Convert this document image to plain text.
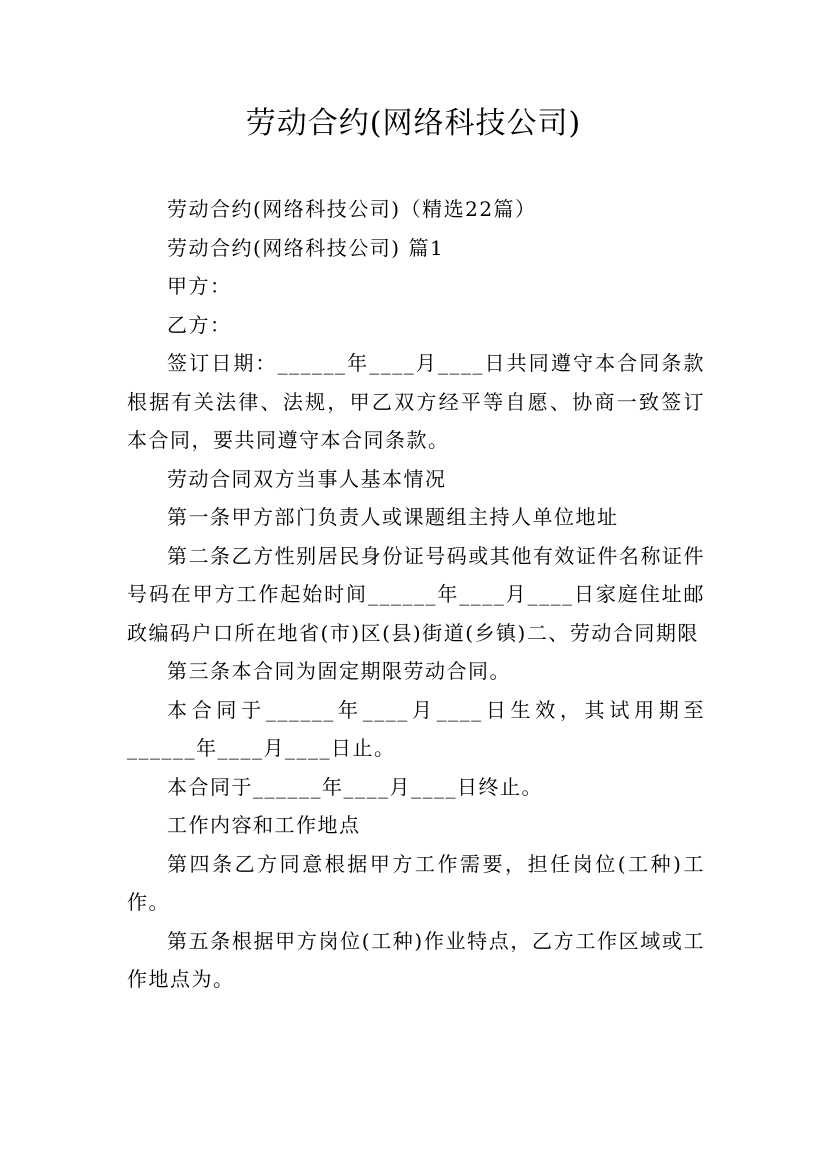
劳动合约(网络科技公司)

劳动合约(网络科技公司)（精选22篇）

劳动合约(网络科技公司) 篇1

甲方：

乙方：

签订日期：______年____月____日共同遵守本合同条款根据有关法律、法规，甲乙双方经平等自愿、协商一致签订本合同，要共同遵守本合同条款。

劳动合同双方当事人基本情况

第一条甲方部门负责人或课题组主持人单位地址

第二条乙方性别居民身份证号码或其他有效证件名称证件号码在甲方工作起始时间______年____月____日家庭住址邮政编码户口所在地省(市)区(县)街道(乡镇)二、劳动合同期限

第三条本合同为固定期限劳动合同。

本合同于______年____月____日生效，其试用期至______年____月____日止。

本合同于______年____月____日终止。

工作内容和工作地点

第四条乙方同意根据甲方工作需要，担任岗位(工种)工作。

第五条根据甲方岗位(工种)作业特点，乙方工作区域或工作地点为。
